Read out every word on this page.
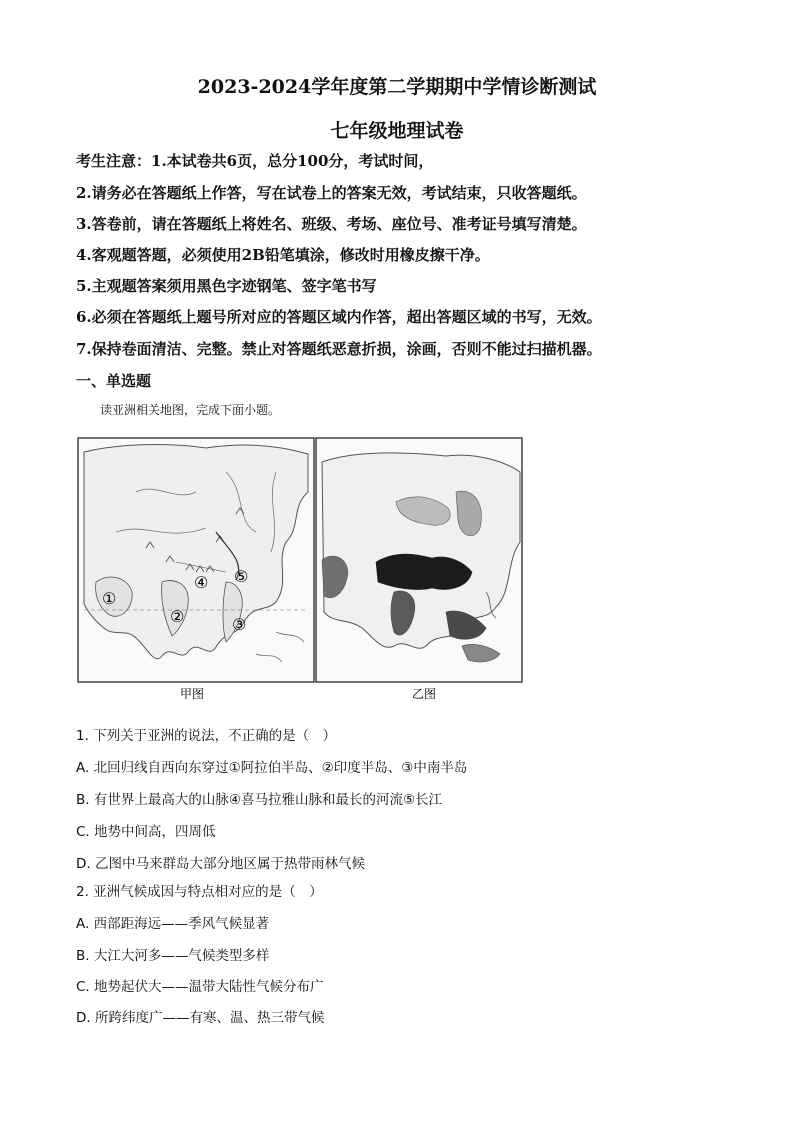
2023-2024学年度第二学期期中学情诊断测试
七年级地理试卷
考生注意：1.本试卷共6页，总分100分，考试时间，
2.请务必在答题纸上作答，写在试卷上的答案无效，考试结束，只收答题纸。
3.答卷前，请在答题纸上将姓名、班级、考场、座位号、准考证号填写清楚。
4.客观题答题，必须使用2B铅笔填涂，修改时用橡皮擦干净。
5.主观题答案须用黑色字迹钢笔、签字笔书写
6.必须在答题纸上题号所对应的答题区域内作答，超出答题区域的书写，无效。
7.保持卷面清洁、完整。禁止对答题纸恶意折损，涂画，否则不能过扫描机器。
一、单选题
读亚洲相关地图，完成下面小题。
①
②	③
④ ⑤
甲图	乙图
1. 下列关于亚洲的说法，不正确的是（　）
A. 北回归线自西向东穿过①阿拉伯半岛、②印度半岛、③中南半岛
B. 有世界上最高大的山脉④喜马拉雅山脉和最长的河流⑤长江
C. 地势中间高，四周低
D. 乙图中马来群岛大部分地区属于热带雨林气候
2. 亚洲气候成因与特点相对应的是（　）
A. 西部距海远——季风气候显著
B. 大江大河多——气候类型多样
C. 地势起伏大——温带大陆性气候分布广
D. 所跨纬度广——有寒、温、热三带气候
